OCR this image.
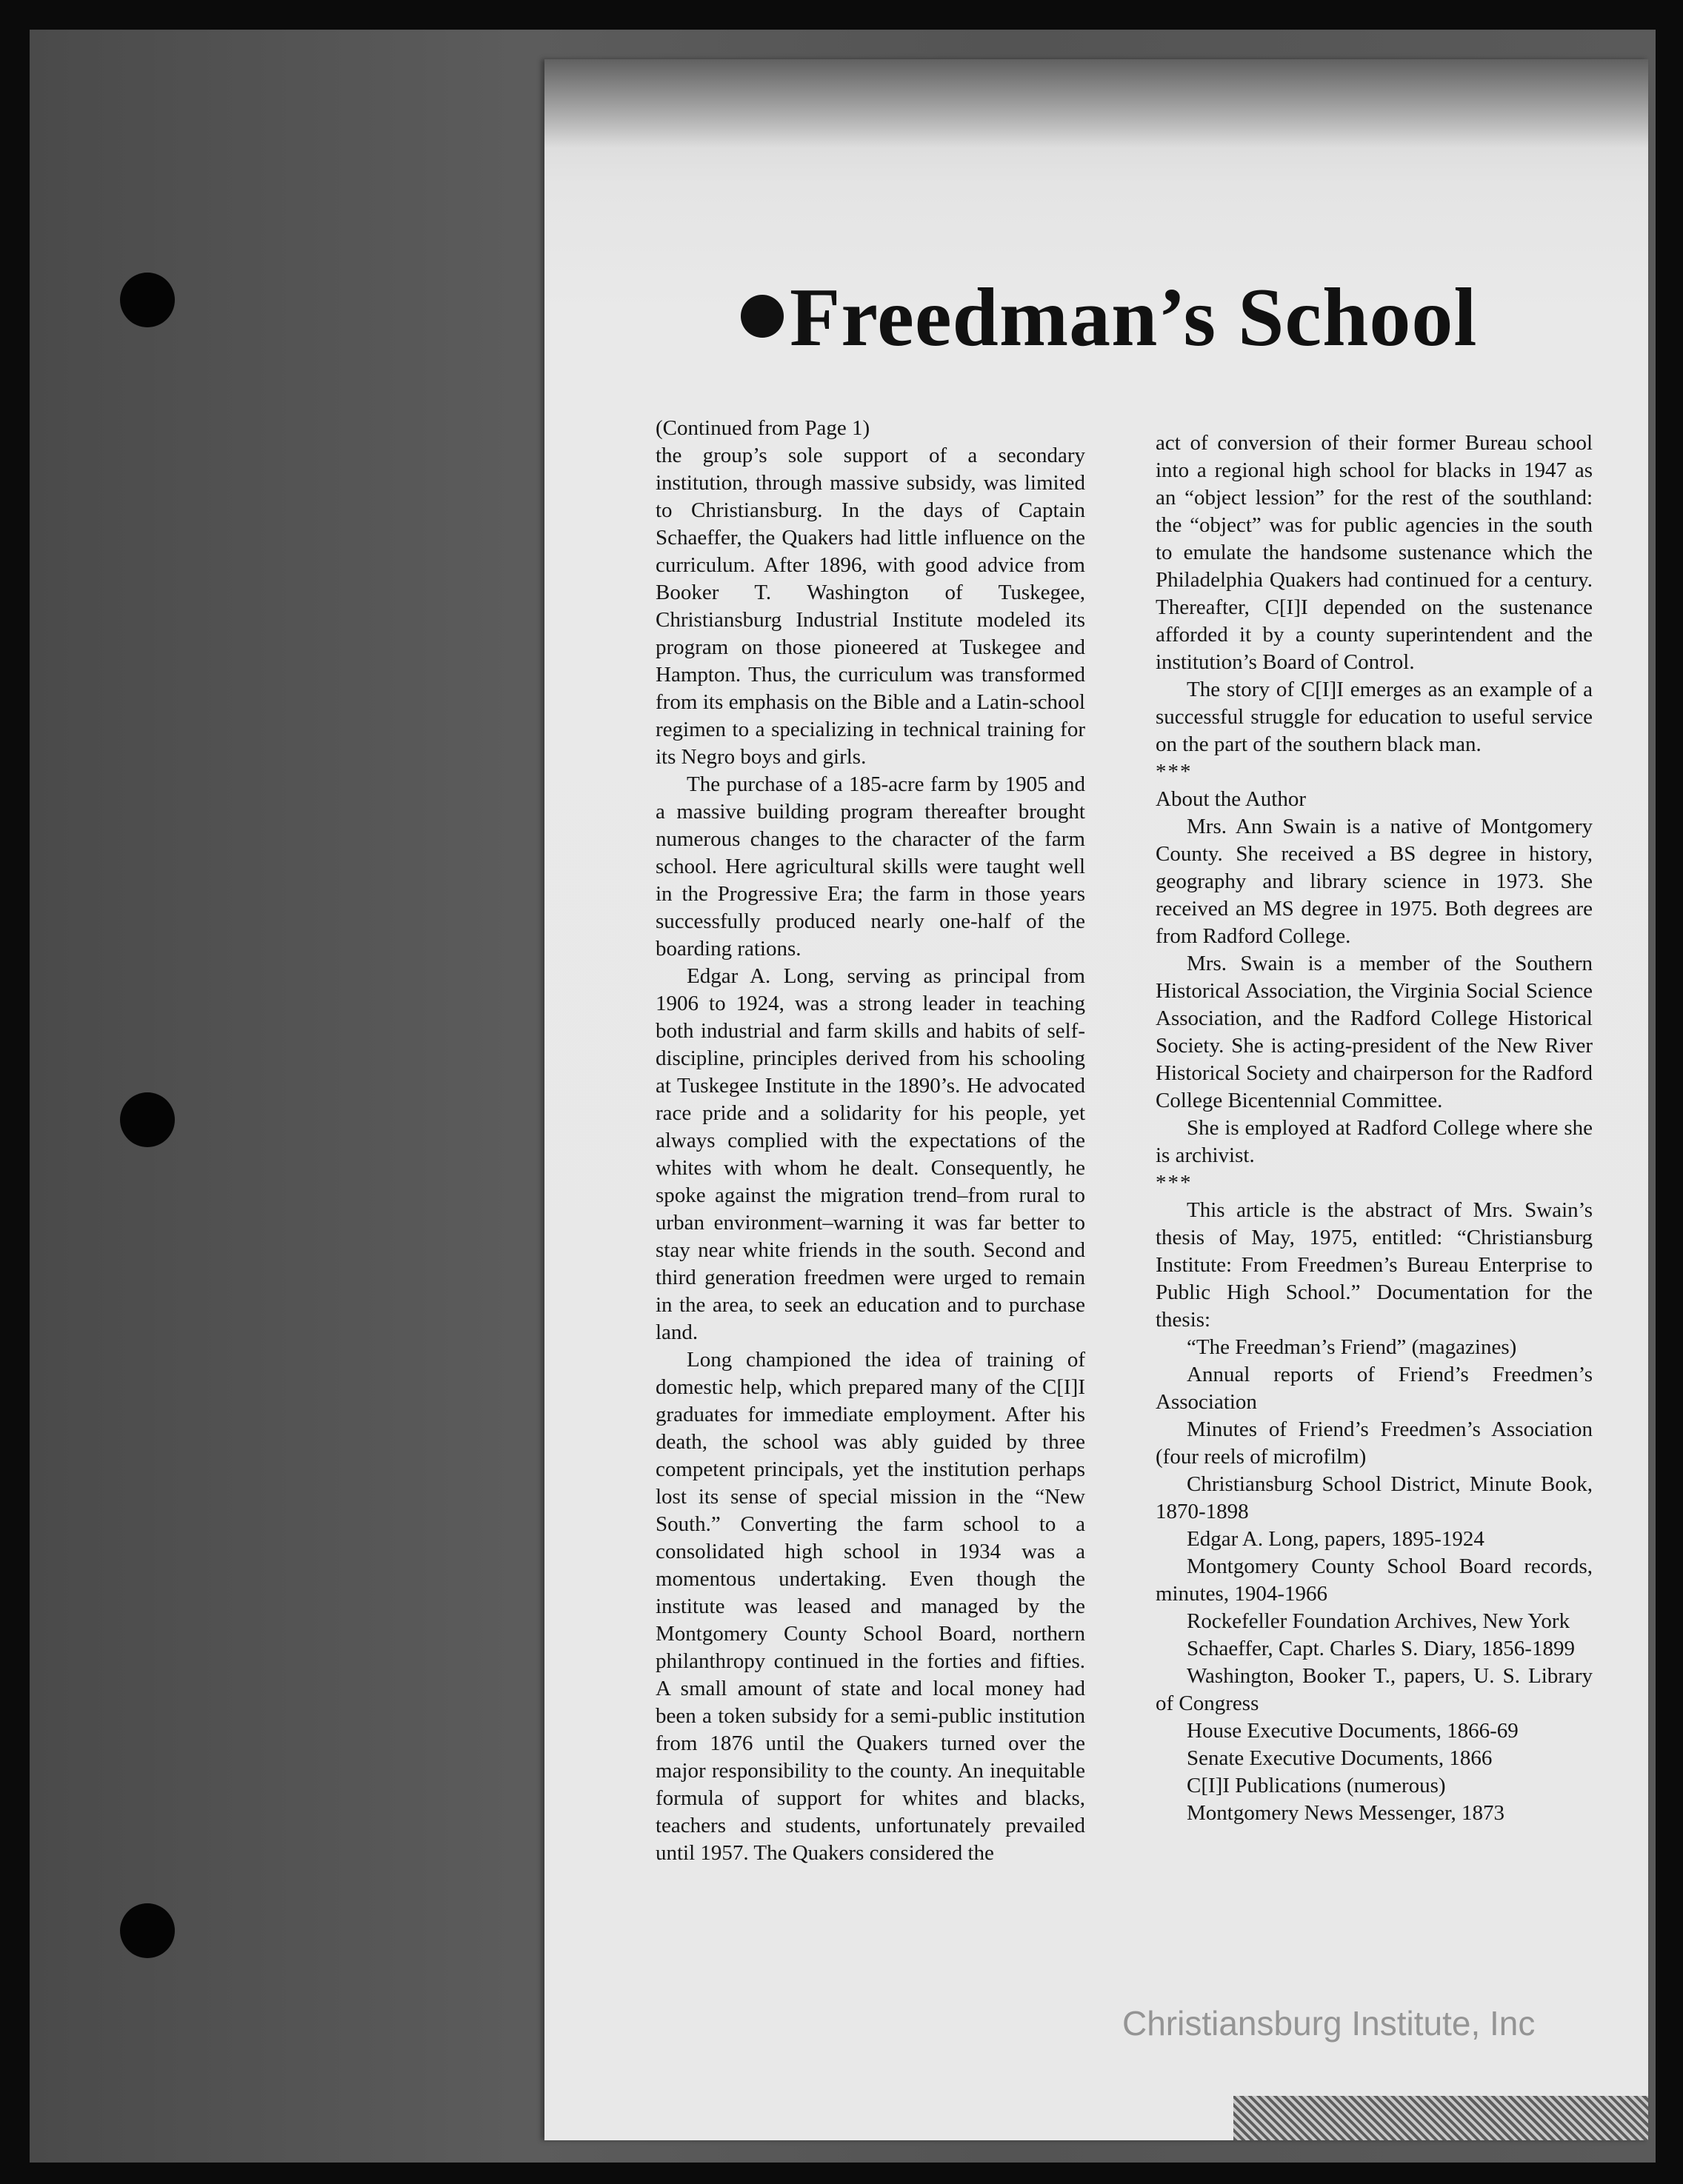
Freedman’s School

(Continued from Page 1)

the group’s sole support of a secondary institution, through massive subsidy, was limited to Christiansburg. In the days of Captain Schaeffer, the Quakers had little influence on the curriculum. After 1896, with good advice from Booker T. Washington of Tuskegee, Christiansburg Industrial Institute modeled its program on those pioneered at Tuskegee and Hampton. Thus, the curriculum was transformed from its emphasis on the Bible and a Latin-school regimen to a specializing in technical training for its Negro boys and girls.

The purchase of a 185-acre farm by 1905 and a massive building program thereafter brought numerous changes to the character of the farm school. Here agricultural skills were taught well in the Progressive Era; the farm in those years successfully produced nearly one-half of the boarding rations.

Edgar A. Long, serving as principal from 1906 to 1924, was a strong leader in teaching both industrial and farm skills and habits of self-discipline, principles derived from his schooling at Tuskegee Institute in the 1890’s. He advocated race pride and a solidarity for his people, yet always complied with the expectations of the whites with whom he dealt. Consequently, he spoke against the migration trend–from rural to urban environment–warning it was far better to stay near white friends in the south. Second and third generation freedmen were urged to remain in the area, to seek an education and to purchase land.

Long championed the idea of training of domestic help, which prepared many of the C[I]I graduates for immediate employment. After his death, the school was ably guided by three competent principals, yet the institution perhaps lost its sense of special mission in the “New South.” Converting the farm school to a consolidated high school in 1934 was a momentous undertaking. Even though the institute was leased and managed by the Montgomery County School Board, northern philanthropy continued in the forties and fifties. A small amount of state and local money had been a token subsidy for a semi-public institution from 1876 until the Quakers turned over the major responsibility to the county. An inequitable formula of support for whites and blacks, teachers and students, unfortunately prevailed until 1957. The Quakers considered the

act of conversion of their former Bureau school into a regional high school for blacks in 1947 as an “object lession” for the rest of the southland: the “object” was for public agencies in the south to emulate the handsome sustenance which the Philadelphia Quakers had continued for a century. Thereafter, C[I]I depended on the sustenance afforded it by a county superintendent and the institution’s Board of Control.

The story of C[I]I emerges as an example of a successful struggle for education to useful service on the part of the southern black man.

***

About the Author

Mrs. Ann Swain is a native of Montgomery County. She received a BS degree in history, geography and library science in 1973. She received an MS degree in 1975. Both degrees are from Radford College.

Mrs. Swain is a member of the Southern Historical Association, the Virginia Social Science Association, and the Radford College Historical Society. She is acting-president of the New River Historical Society and chairperson for the Radford College Bicentennial Committee.

She is employed at Radford College where she is archivist.

***

This article is the abstract of Mrs. Swain’s thesis of May, 1975, entitled: “Christiansburg Institute: From Freedmen’s Bureau Enterprise to Public High School.” Documentation for the thesis:

“The Freedman’s Friend” (magazines)

Annual reports of Friend’s Freedmen’s Association

Minutes of Friend’s Freedmen’s Association (four reels of microfilm)

Christiansburg School District, Minute Book, 1870-1898

Edgar A. Long, papers, 1895-1924

Montgomery County School Board records, minutes, 1904-1966

Rockefeller Foundation Archives, New York

Schaeffer, Capt. Charles S. Diary, 1856-1899

Washington, Booker T., papers, U. S. Library of Congress

House Executive Documents, 1866-69

Senate Executive Documents, 1866

C[I]I Publications (numerous)

Montgomery News Messenger, 1873

Christiansburg Institute, Inc
